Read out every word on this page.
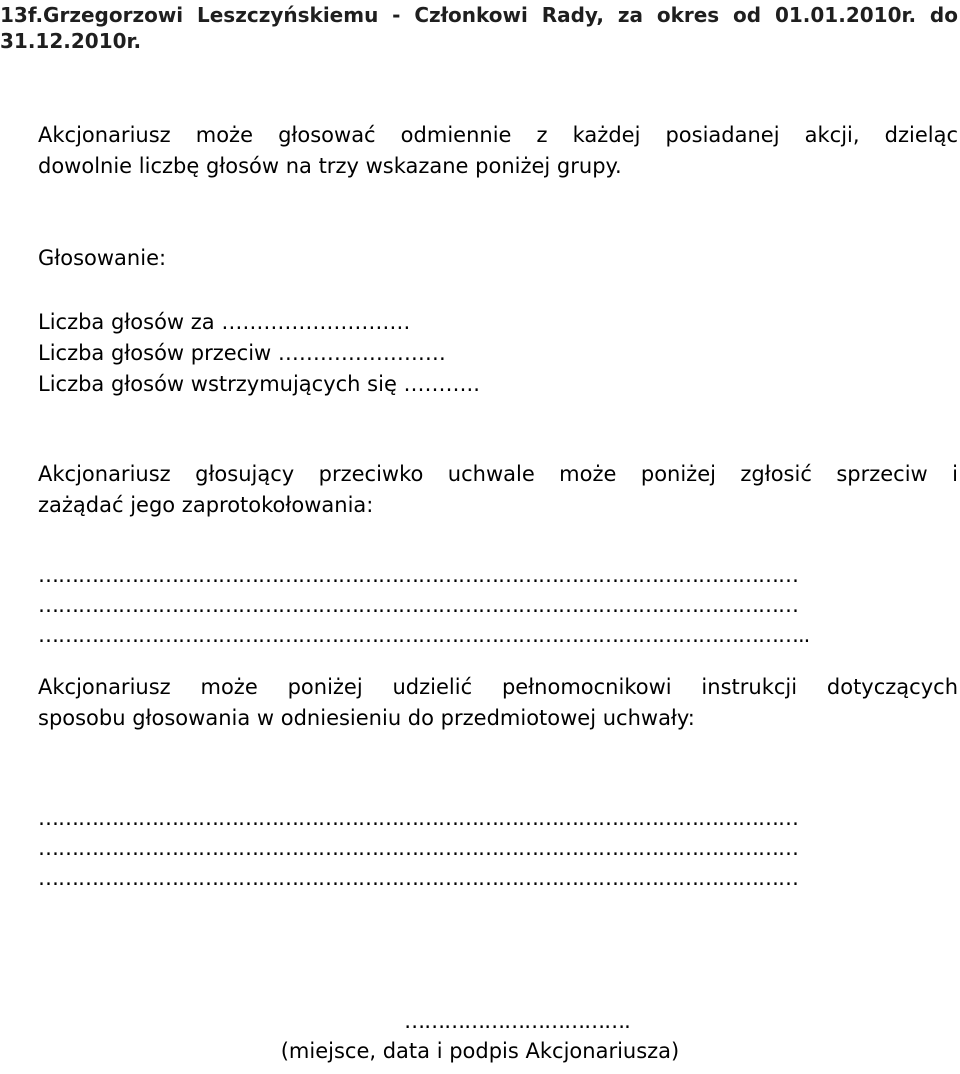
13f.Grzegorzowi Leszczyńskiemu - Członkowi Rady, za okres od 01.01.2010r. do
31.12.2010r.
Akcjonariusz może głosować odmiennie z każdej posiadanej akcji, dzieląc
dowolnie liczbę głosów na trzy wskazane poniżej grupy.
Głosowanie:
Liczba głosów za ………………………
Liczba głosów przeciw ……………………
Liczba głosów wstrzymujących się ………..
Akcjonariusz głosujący przeciwko uchwale może poniżej zgłosić sprzeciw i
zażądać jego zaprotokołowania:
……………………………………………………………………………………………………
……………………………………………………………………………………………………
……………………………………………………………………………………………………..
Akcjonariusz może poniżej udzielić pełnomocnikowi instrukcji dotyczących
sposobu głosowania w odniesieniu do przedmiotowej uchwały:
……………………………………………………………………………………………………
……………………………………………………………………………………………………
……………………………………………………………………………………………………
…………………………….
(miejsce, data i podpis Akcjonariusza)
